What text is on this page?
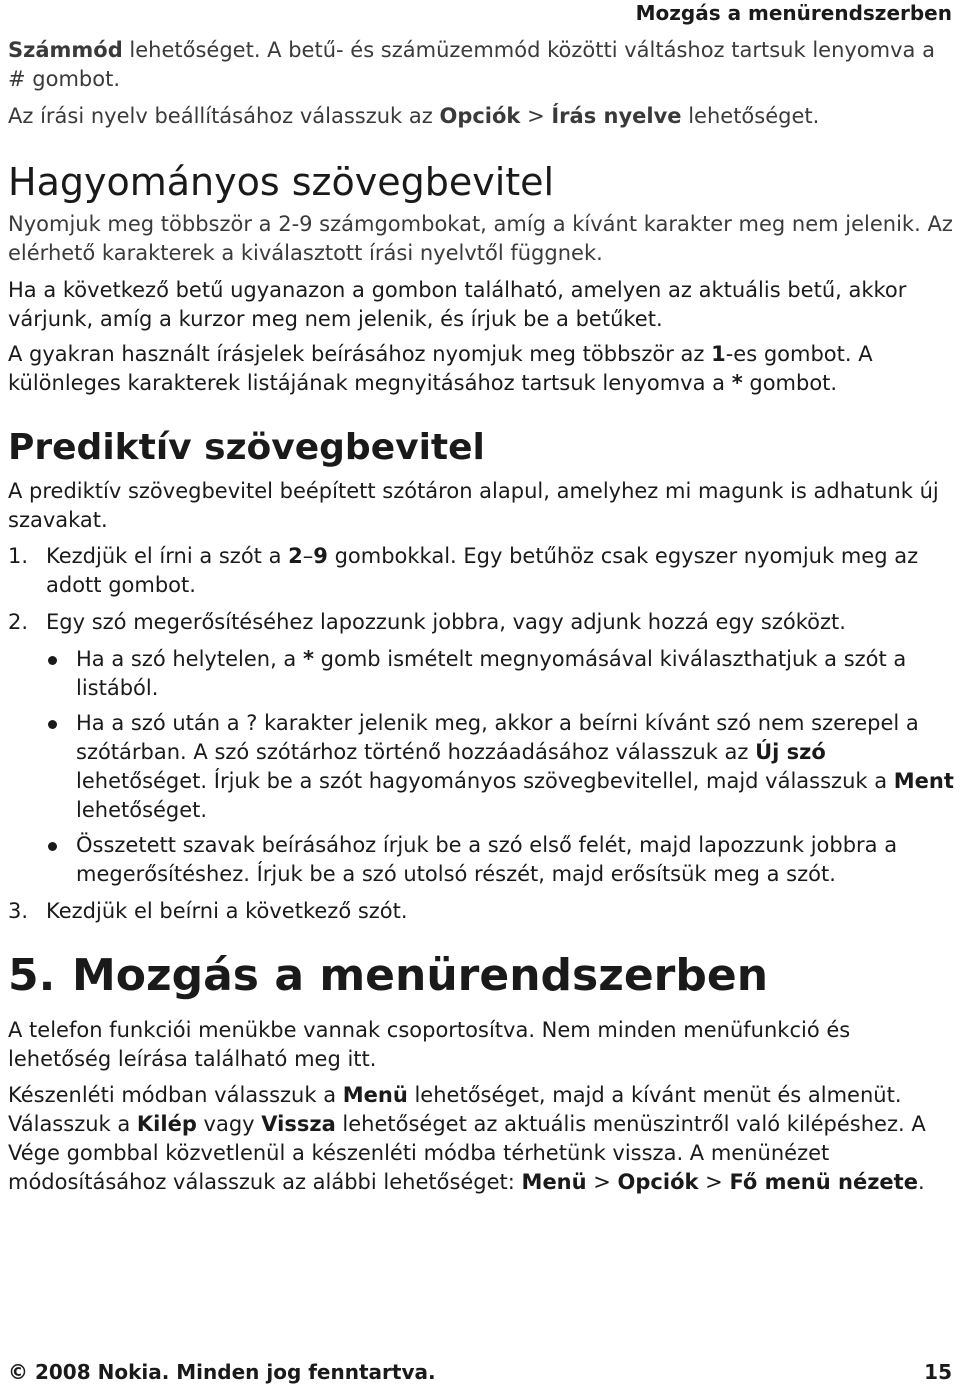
Mozgás a menürendszerben

Számmód lehetőséget. A betű- és számüzemmód közötti váltáshoz tartsuk lenyomva a # gombot.

Az írási nyelv beállításához válasszuk az Opciók > Írás nyelve lehetőséget.

Hagyományos szövegbevitel

Nyomjuk meg többször a 2-9 számgombokat, amíg a kívánt karakter meg nem jelenik. Az elérhető karakterek a kiválasztott írási nyelvtől függnek.

Ha a következő betű ugyanazon a gombon található, amelyen az aktuális betű, akkor várjunk, amíg a kurzor meg nem jelenik, és írjuk be a betűket.

A gyakran használt írásjelek beírásához nyomjuk meg többször az 1-es gombot. A különleges karakterek listájának megnyitásához tartsuk lenyomva a * gombot.

Prediktív szövegbevitel

A prediktív szövegbevitel beépített szótáron alapul, amelyhez mi magunk is adhatunk új szavakat.

1. Kezdjük el írni a szót a 2–9 gombokkal. Egy betűhöz csak egyszer nyomjuk meg az adott gombot.

2. Egy szó megerősítéséhez lapozzunk jobbra, vagy adjunk hozzá egy szóközt.

Ha a szó helytelen, a * gomb ismételt megnyomásával kiválaszthatjuk a szót a listából.

Ha a szó után a ? karakter jelenik meg, akkor a beírni kívánt szó nem szerepel a szótárban. A szó szótárhoz történő hozzáadásához válasszuk az Új szó lehetőséget. Írjuk be a szót hagyományos szövegbevitellel, majd válasszuk a Ment lehetőséget.

Összetett szavak beírásához írjuk be a szó első felét, majd lapozzunk jobbra a megerősítéshez. Írjuk be a szó utolsó részét, majd erősítsük meg a szót.

3. Kezdjük el beírni a következő szót.

5. Mozgás a menürendszerben

A telefon funkciói menükbe vannak csoportosítva. Nem minden menüfunkció és lehetőség leírása található meg itt.

Készenléti módban válasszuk a Menü lehetőséget, majd a kívánt menüt és almenüt. Válasszuk a Kilép vagy Vissza lehetőséget az aktuális menüszintről való kilépéshez. A Vége gombbal közvetlenül a készenléti módba térhetünk vissza. A menünézet módosításához válasszuk az alábbi lehetőséget: Menü > Opciók > Fő menü nézete.

© 2008 Nokia. Minden jog fenntartva.	15
